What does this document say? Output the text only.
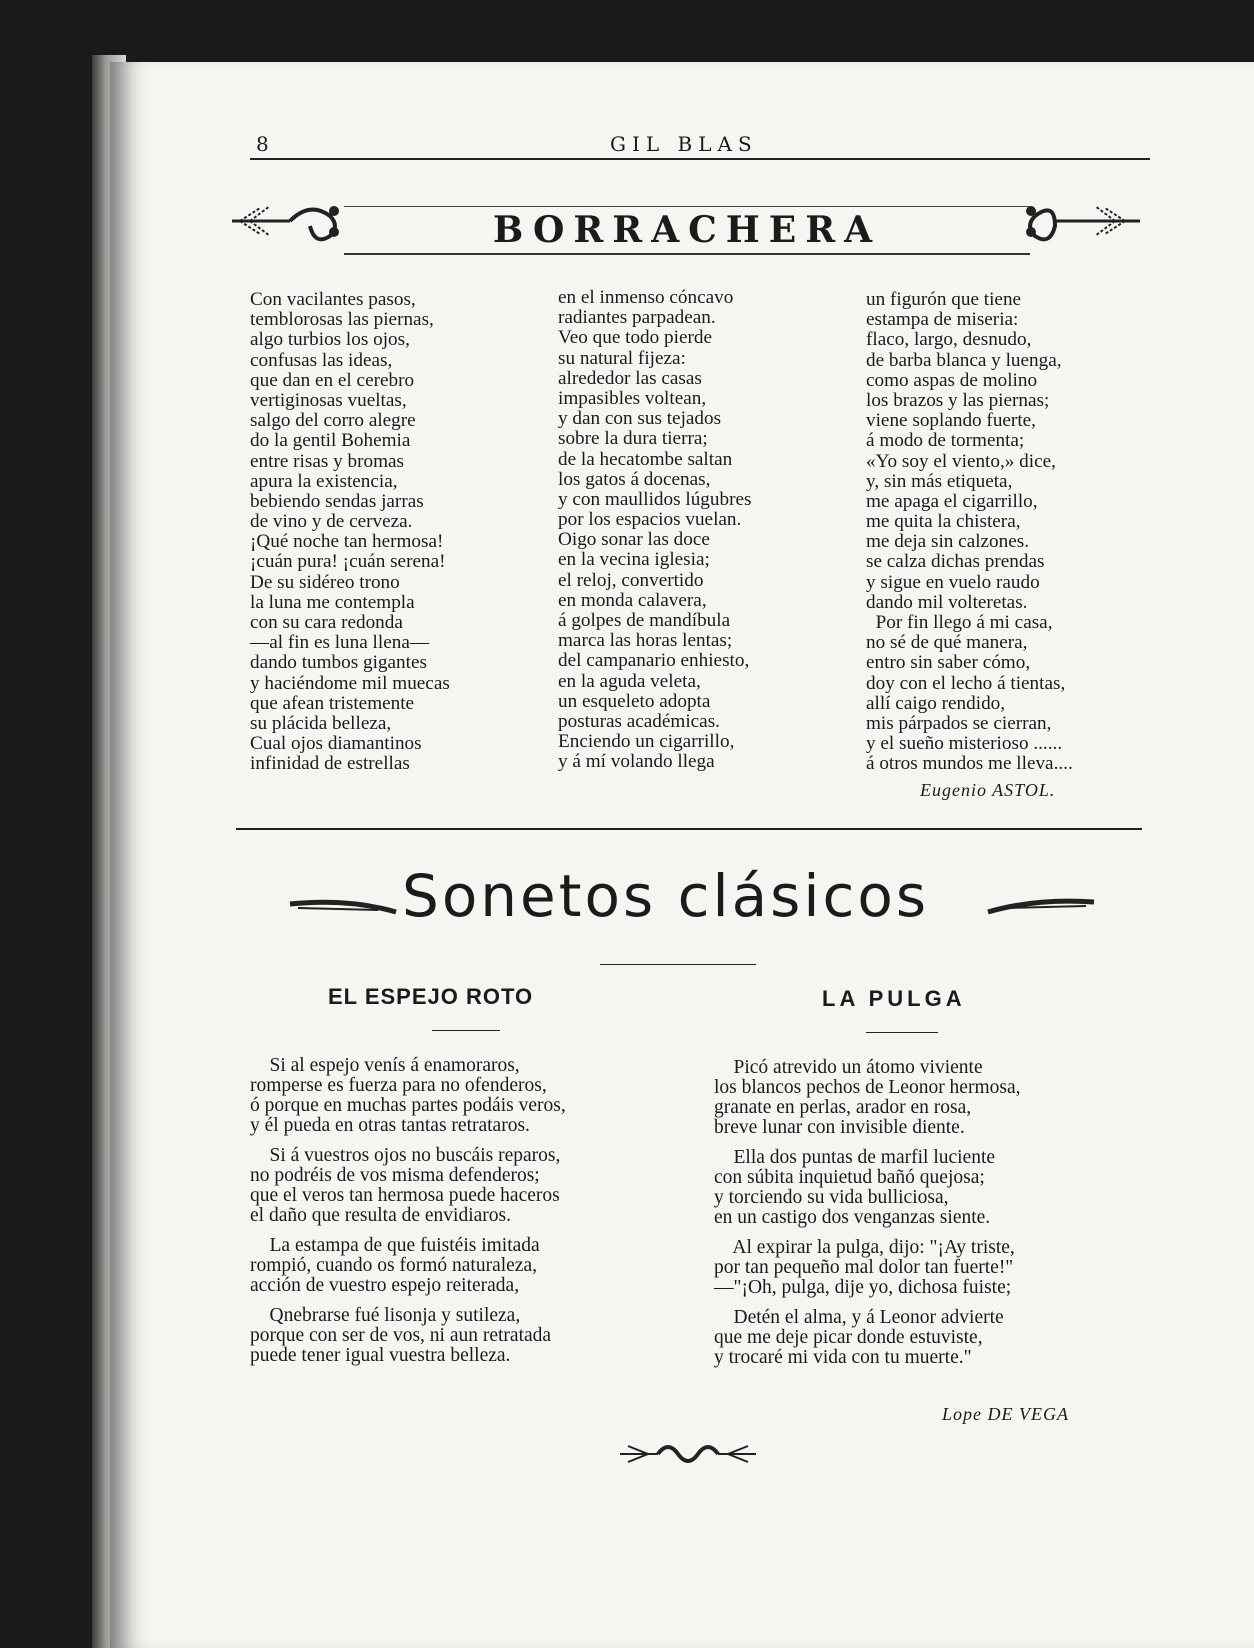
8	GIL BLAS
BORRACHERA
Con vacilantes pasos,
temblorosas las piernas,
algo turbios los ojos,
confusas las ideas,
que dan en el cerebro
vertiginosas vueltas,
salgo del corro alegre
do la gentil Bohemia
entre risas y bromas
apura la existencia,
bebiendo sendas jarras
de vino y de cerveza.
¡Qué noche tan hermosa!
¡cuán pura! ¡cuán serena!
De su sidéreo trono
la luna me contempla
con su cara redonda
—al fin es luna llena—
dando tumbos gigantes
y haciéndome mil muecas
que afean tristemente
su plácida belleza,
Cual ojos diamantinos
infinidad de estrellas
en el inmenso cóncavo
radiantes parpadean.
Veo que todo pierde
su natural fijeza:
alrededor las casas
impasibles voltean,
y dan con sus tejados
sobre la dura tierra;
de la hecatombe saltan
los gatos á docenas,
y con maullidos lúgubres
por los espacios vuelan.
Oigo sonar las doce
en la vecina iglesia;
el reloj, convertido
en monda calavera,
á golpes de mandíbula
marca las horas lentas;
del campanario enhiesto,
en la aguda veleta,
un esqueleto adopta
posturas académicas.
Enciendo un cigarrillo,
y á mí volando llega
un figurón que tiene
estampa de miseria:
flaco, largo, desnudo,
de barba blanca y luenga,
como aspas de molino
los brazos y las piernas;
viene soplando fuerte,
á modo de tormenta;
«Yo soy el viento,» dice,
y, sin más etiqueta,
me apaga el cigarrillo,
me quita la chistera,
me deja sin calzones.
se calza dichas prendas
y sigue en vuelo raudo
dando mil volteretas.
Por fin llego á mi casa,
no sé de qué manera,
entro sin saber cómo,
doy con el lecho á tientas,
allí caigo rendido,
mis párpados se cierran,
y el sueño misterioso ......
á otros mundos me lleva....
Eugenio ASTOL.
Sonetos clásicos
EL ESPEJO ROTO	LA PULGA
Si al espejo venís á enamoraros,
romperse es fuerza para no ofenderos,
ó porque en muchas partes podáis veros,
y él pueda en otras tantas retrataros.
Si á vuestros ojos no buscáis reparos,
no podréis de vos misma defenderos;
que el veros tan hermosa puede haceros
el daño que resulta de envidiaros.
La estampa de que fuistéis imitada
rompió, cuando os formó naturaleza,
acción de vuestro espejo reiterada,
Qnebrarse fué lisonja y sutileza,
porque con ser de vos, ni aun retratada
puede tener igual vuestra belleza.
Picó atrevido un átomo viviente
los blancos pechos de Leonor hermosa,
granate en perlas, arador en rosa,
breve lunar con invisible diente.
Ella dos puntas de marfil luciente
con súbita inquietud bañó quejosa;
y torciendo su vida bulliciosa,
en un castigo dos venganzas siente.
Al expirar la pulga, dijo: "¡Ay triste,
por tan pequeño mal dolor tan fuerte!"
—"¡Oh, pulga, dije yo, dichosa fuiste;
Detén el alma, y á Leonor advierte
que me deje picar donde estuviste,
y trocaré mi vida con tu muerte."
Lope DE VEGA
